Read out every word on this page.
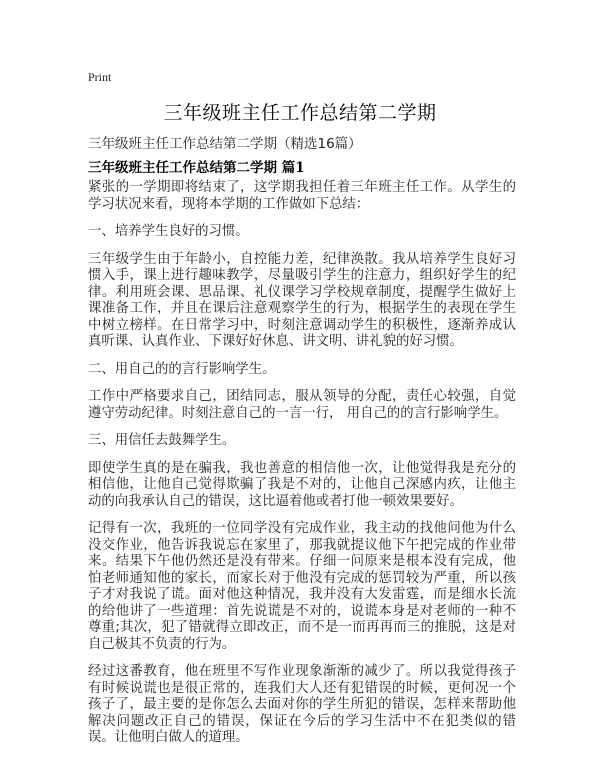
Print
三年级班主任工作总结第二学期
三年级班主任工作总结第二学期（精选16篇）
三年级班主任工作总结第二学期 篇1

紧张的一学期即将结束了，这学期我担任着三年班主任工作。从学生的学习状况来看，现将本学期的工作做如下总结：

一、培养学生良好的习惯。

三年级学生由于年龄小，自控能力差，纪律涣散。我从培养学生良好习惯入手，课上进行趣味教学，尽量吸引学生的注意力，组织好学生的纪律。利用班会课、思品课、礼仪课学习学校规章制度，提醒学生做好上课准备工作，并且在课后注意观察学生的行为，根据学生的表现在学生中树立榜样。在日常学习中，时刻注意调动学生的积极性，逐渐养成认真听课、认真作业、下课好好休息、讲文明、讲礼貌的好习惯。

二、用自己的的言行影响学生。

工作中严格要求自己，团结同志，服从领导的分配，责任心较强，自觉遵守劳动纪律。时刻注意自己的一言一行， 用自己的的言行影响学生。

三、用信任去鼓舞学生。

即使学生真的是在骗我，我也善意的相信他一次，让他觉得我是充分的相信他，让他自己觉得欺骗了我是不对的，让他自己深感内疚，让他主动的向我承认自己的错误，这比逼着他或者打他一顿效果要好。

记得有一次，我班的一位同学没有完成作业，我主动的找他问他为什么没交作业，他告诉我说忘在家里了，那我就提议他下午把完成的作业带来。结果下午他仍然还是没有带来。仔细一问原来是根本没有完成，他怕老师通知他的家长，而家长对于他没有完成的惩罚较为严重，所以孩子才对我说了谎。面对他这种情况，我并没有大发雷霆，而是细水长流的给他讲了一些道理：首先说谎是不对的，说谎本身是对老师的一种不尊重;其次，犯了错就得立即改正，而不是一而再再而三的推脱，这是对自己极其不负责的行为。

经过这番教育，他在班里不写作业现象渐渐的减少了。所以我觉得孩子有时候说谎也是很正常的，连我们大人还有犯错误的时候，更何况一个孩子了，最主要的是你怎么去面对你的学生所犯的错误，怎样来帮助他解决问题改正自己的错误，保证在今后的学习生活中不在犯类似的错误。让他明白做人的道理。
